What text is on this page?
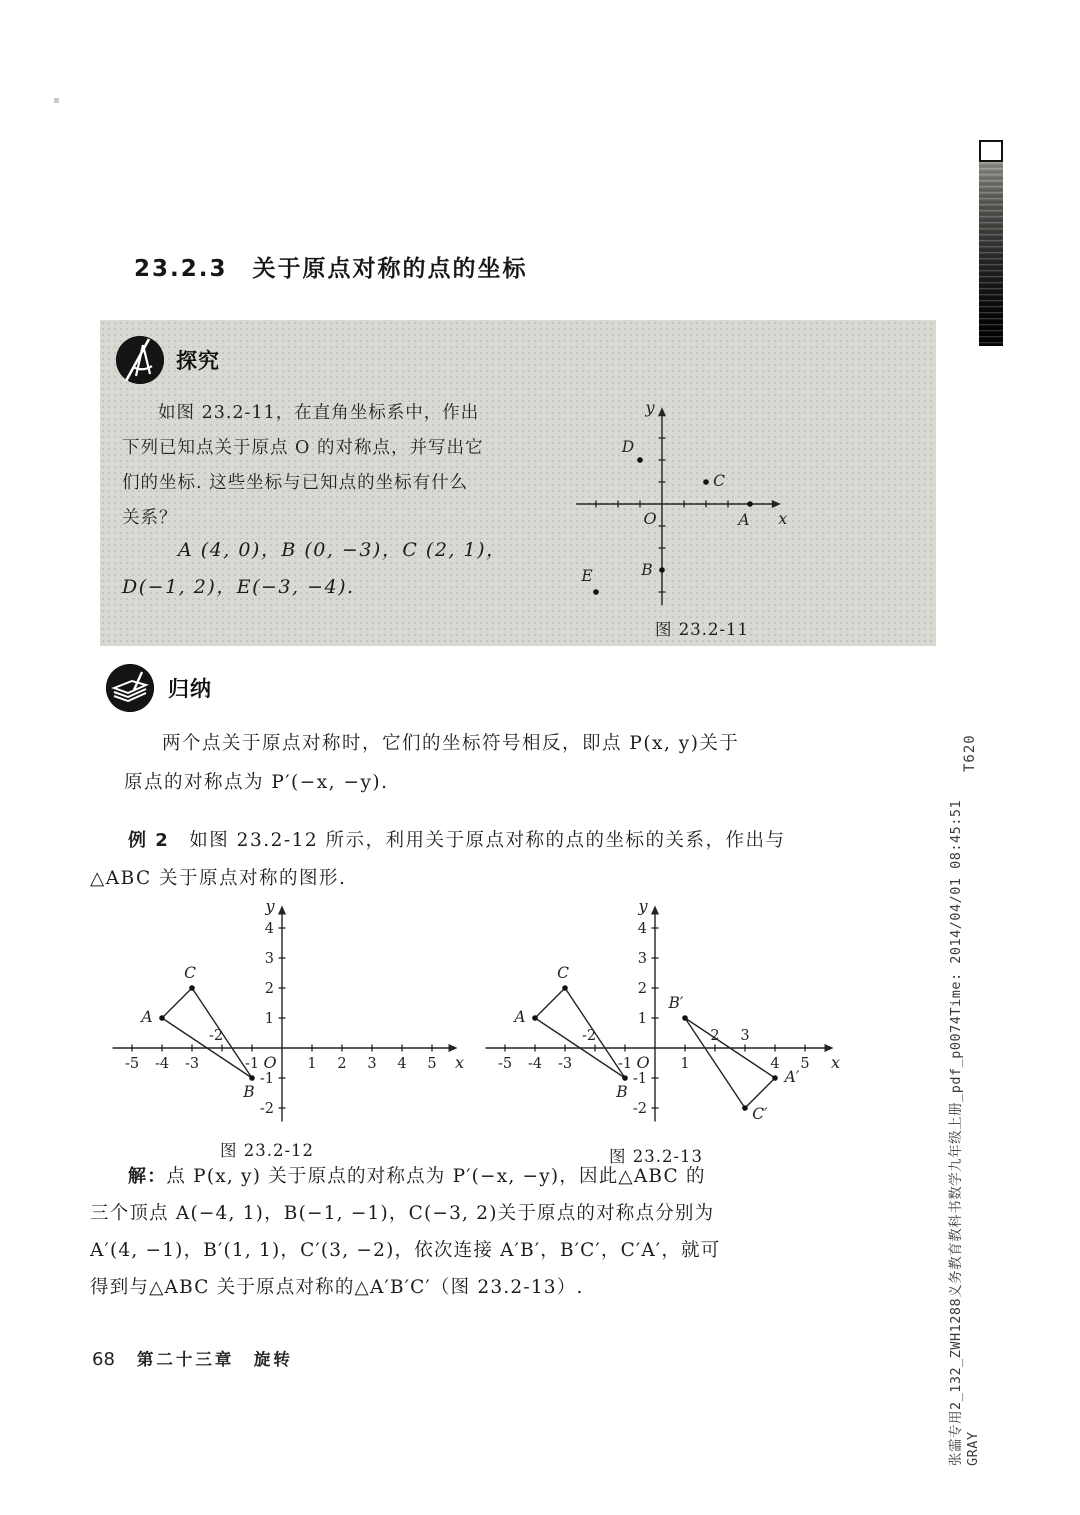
23.2.3　关于原点对称的点的坐标
探究
如图 23.2-11，在直角坐标系中，作出
下列已知点关于原点 O 的对称点，并写出它
们的坐标. 这些坐标与已知点的坐标有什么
关系？
A (4, 0)，B (0, −3)，C (2, 1)，
D(−1, 2)，E(−3, −4).
x
y
O	A
B
C
D
E
图 23.2-11
归纳
两个点关于原点对称时，它们的坐标符号相反，即点 P(x, y)关于
原点的对称点为 P′(−x, −y).
例 2　如图 23.2-12 所示，利用关于原点对称的点的坐标的关系，作出与
△ABC 关于原点对称的图形.
x
y
O
-5 -4 -3
-2
-1	1 2 3 4 5
1
2
3
4
-1
-2
A
B
C
图 23.2-12
x
y
O
-5 -4 -3
-2
-1	1
2 3
4 5
1
2
3
4
-1
-2
A
B
C
A′
B′
C′
图 23.2-13
解：点 P(x, y) 关于原点的对称点为 P′(−x, −y)，因此△ABC 的
三个顶点 A(−4, 1)，B(−1, −1)，C(−3, 2)关于原点的对称点分别为
A′(4, −1)，B′(1, 1)，C′(3, −2)，依次连接 A′B′，B′C′，C′A′，就可
得到与△ABC 关于原点对称的△A′B′C′（图 23.2-13）.
68 第二十三章　旋转
T620
张霝专用2_132_ZWH1288义务教育教科书数学九年级上册_pdf_p0074Time: 2014/04/01 08:45:51 GRAY
